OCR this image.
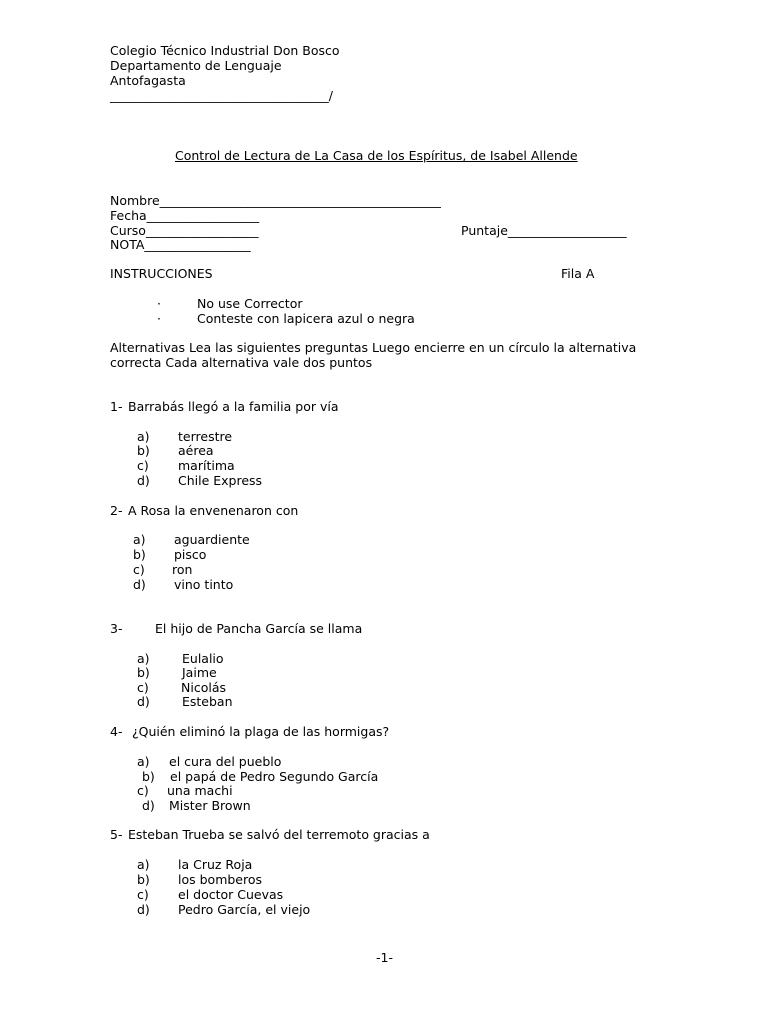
Colegio Técnico Industrial Don Bosco
Departamento de Lenguaje
Antofagasta
___________________________________/
Control de Lectura de La Casa de los Espíritus, de Isabel Allende
Nombre_____________________________________________
Fecha__________________
Curso__________________	Puntaje___________________
NOTA_________________
INSTRUCCIONES	Fila A
·	No use Corrector
·	Conteste con lapicera azul o negra
Alternativas Lea las siguientes preguntas Luego encierre en un círculo la alternativa
correcta Cada alternativa vale dos puntos
1- Barrabás llegó a la familia por vía
a) terrestre
b) aérea
c) marítima
d) Chile Express
2- A Rosa la envenenaron con
a) aguardiente
b) pisco
c) ron
d) vino tinto
3-	El hijo de Pancha García se llama
a)	Eulalio
b)	Jaime
c)	Nicolás
d)	Esteban
4- ¿Quién eliminó la plaga de las hormigas?
a) el cura del pueblo
b) el papá de Pedro Segundo García
c) una machi
d) Mister Brown
5- Esteban Trueba se salvó del terremoto gracias a
a) la Cruz Roja
b) los bomberos
c) el doctor Cuevas
d) Pedro García, el viejo
-1-
